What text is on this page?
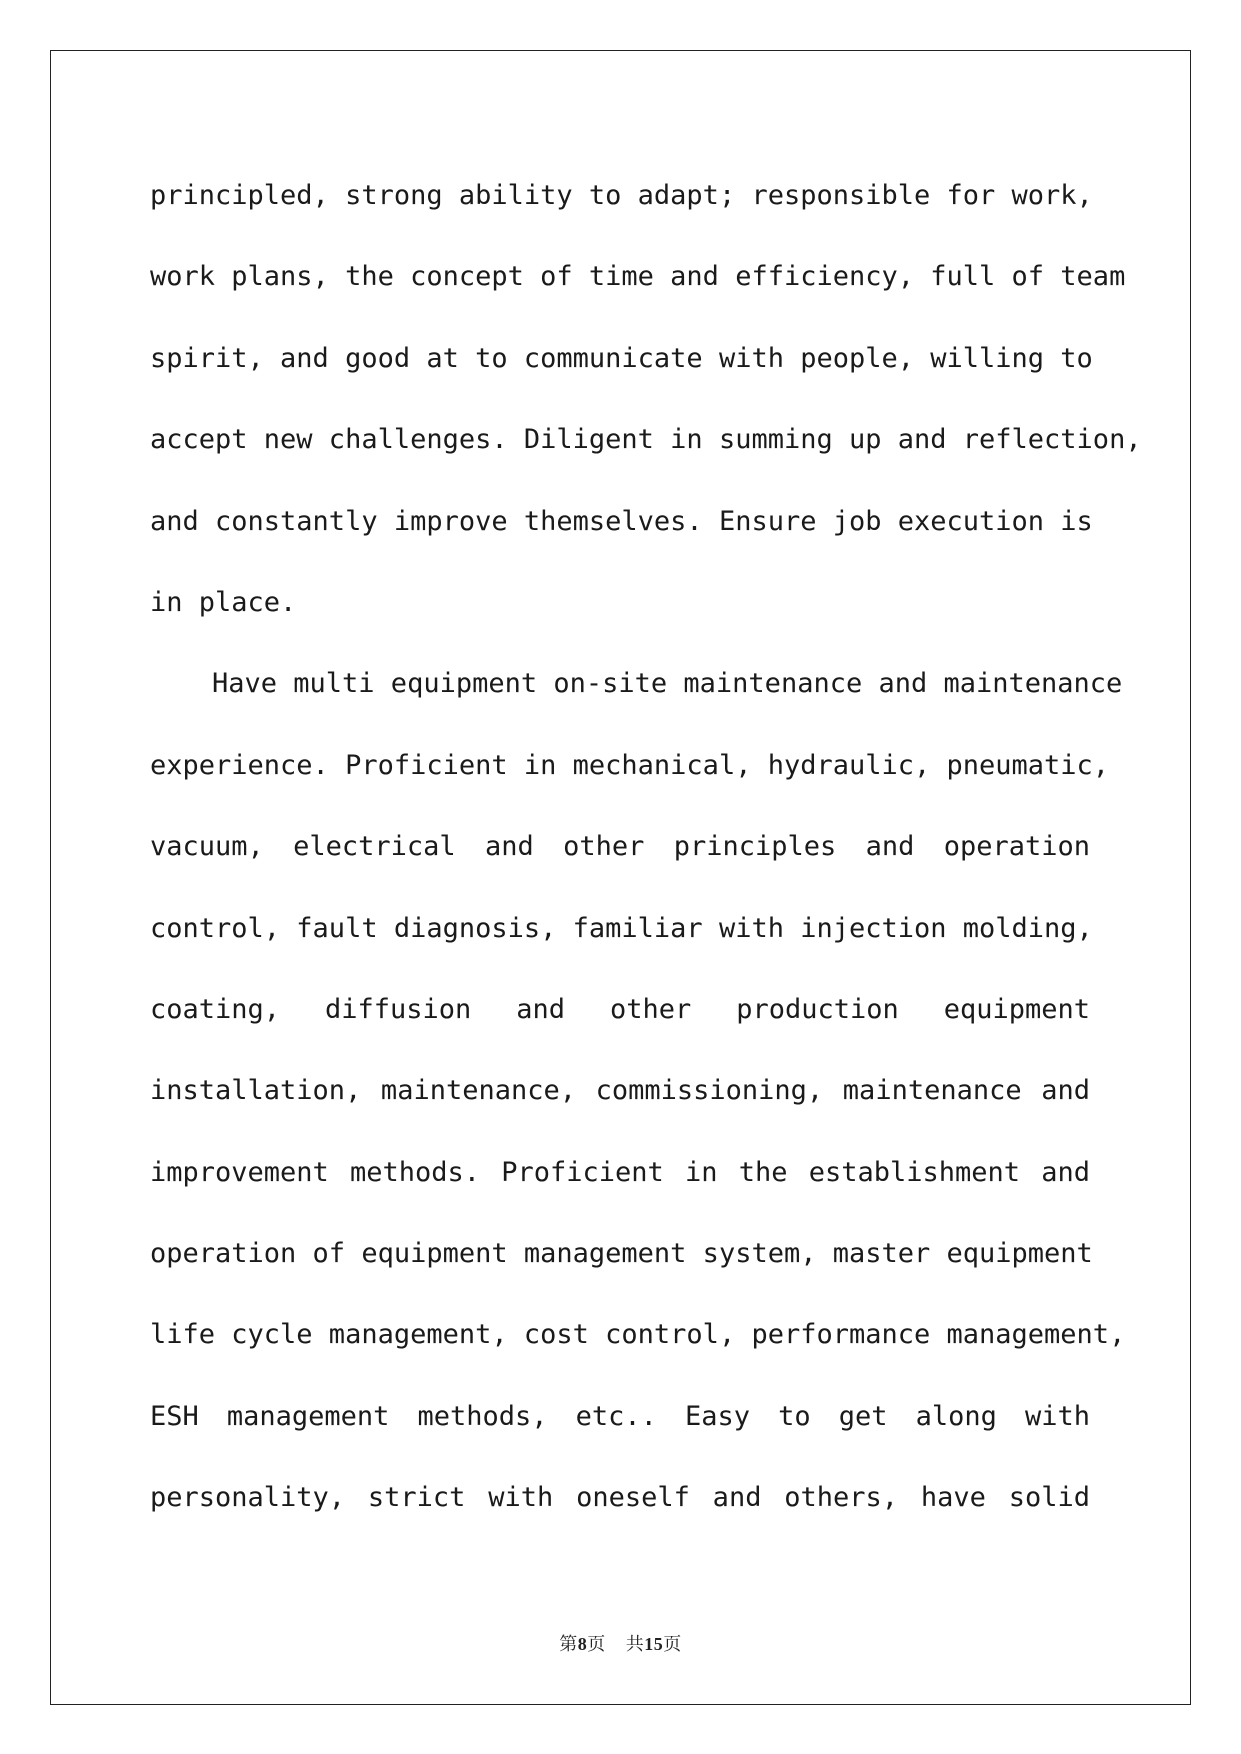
principled, strong ability to adapt; responsible for work,
work plans, the concept of time and efficiency, full of team
spirit, and good at to communicate with people, willing to
accept new challenges. Diligent in summing up and reflection,
and constantly improve themselves. Ensure job execution is
in place.
Have multi equipment on-site maintenance and maintenance
experience. Proficient in mechanical, hydraulic, pneumatic,
vacuum, electrical and other principles and operation
control, fault diagnosis, familiar with injection molding,
coating, diffusion and other production equipment
installation, maintenance, commissioning, maintenance and
improvement methods. Proficient in the establishment and
operation of equipment management system, master equipment
life cycle management, cost control, performance management,
ESH management methods, etc.. Easy to get along with
personality, strict with oneself and others, have solid
第8页 共15页
